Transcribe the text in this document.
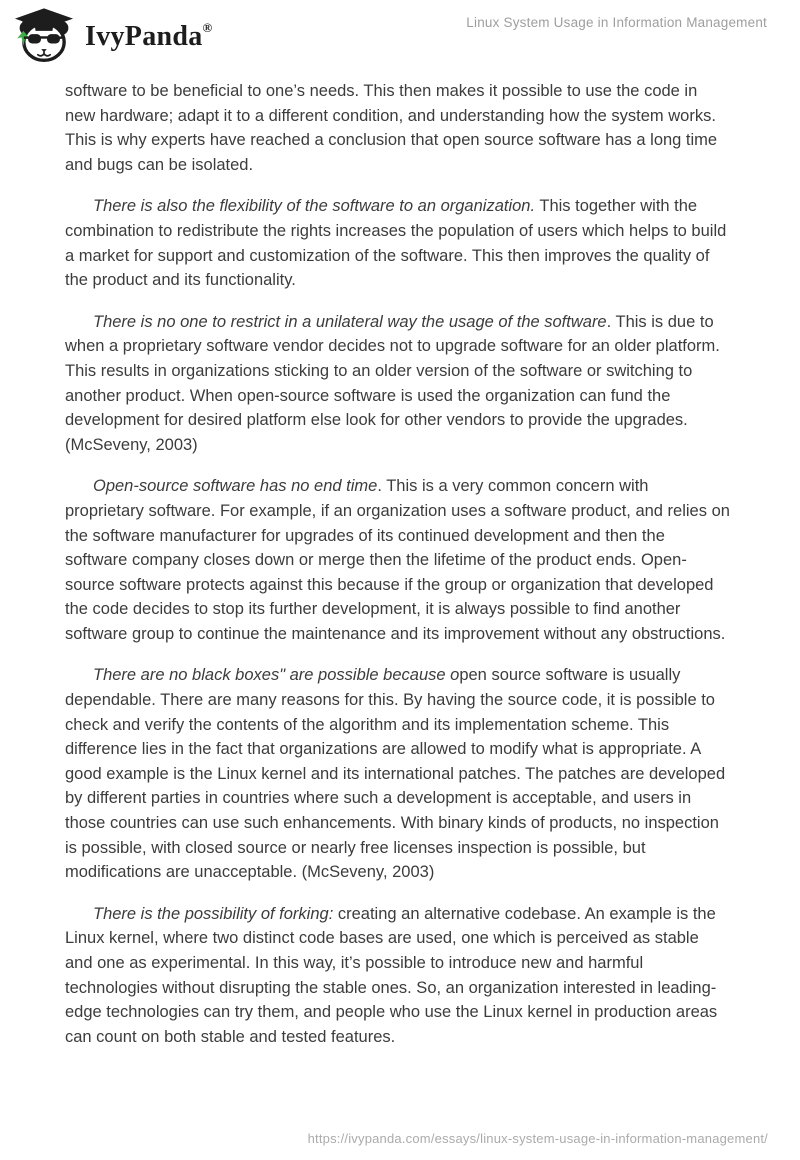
IvyPanda®	Linux System Usage in Information Management

software to be beneficial to one’s needs. This then makes it possible to use the code in new hardware; adapt it to a different condition, and understanding how the system works. This is why experts have reached a conclusion that open source software has a long time and bugs can be isolated.

There is also the flexibility of the software to an organization. This together with the combination to redistribute the rights increases the population of users which helps to build a market for support and customization of the software. This then improves the quality of the product and its functionality.

There is no one to restrict in a unilateral way the usage of the software. This is due to when a proprietary software vendor decides not to upgrade software for an older platform. This results in organizations sticking to an older version of the software or switching to another product. When open-source software is used the organization can fund the development for desired platform else look for other vendors to provide the upgrades. (McSeveny, 2003)

Open-source software has no end time. This is a very common concern with proprietary software. For example, if an organization uses a software product, and relies on the software manufacturer for upgrades of its continued development and then the software company closes down or merge then the lifetime of the product ends. Open-source software protects against this because if the group or organization that developed the code decides to stop its further development, it is always possible to find another software group to continue the maintenance and its improvement without any obstructions.

There are no black boxes" are possible because open source software is usually dependable. There are many reasons for this. By having the source code, it is possible to check and verify the contents of the algorithm and its implementation scheme. This difference lies in the fact that organizations are allowed to modify what is appropriate. A good example is the Linux kernel and its international patches. The patches are developed by different parties in countries where such a development is acceptable, and users in those countries can use such enhancements. With binary kinds of products, no inspection is possible, with closed source or nearly free licenses inspection is possible, but modifications are unacceptable. (McSeveny, 2003)

There is the possibility of forking: creating an alternative codebase. An example is the Linux kernel, where two distinct code bases are used, one which is perceived as stable and one as experimental. In this way, it’s possible to introduce new and harmful technologies without disrupting the stable ones. So, an organization interested in leading-edge technologies can try them, and people who use the Linux kernel in production areas can count on both stable and tested features.

https://ivypanda.com/essays/linux-system-usage-in-information-management/
